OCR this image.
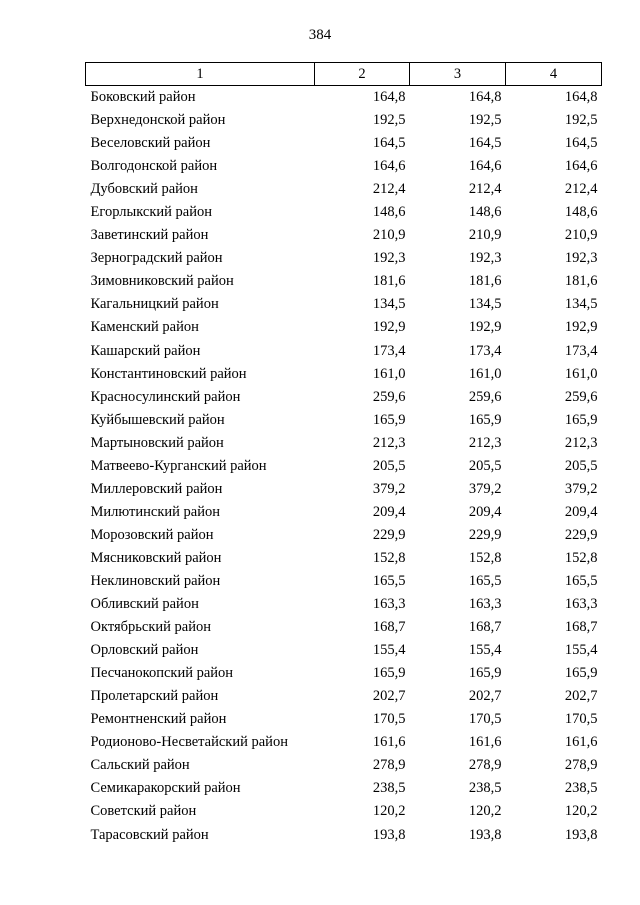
384
1	2	3	4
Боковский район	164,8	164,8	164,8
Верхнедонской район	192,5	192,5	192,5
Веселовский район	164,5	164,5	164,5
Волгодонской район	164,6	164,6	164,6
Дубовский район	212,4	212,4	212,4
Егорлыкский район	148,6	148,6	148,6
Заветинский район	210,9	210,9	210,9
Зерноградский район	192,3	192,3	192,3
Зимовниковский район	181,6	181,6	181,6
Кагальницкий район	134,5	134,5	134,5
Каменский район	192,9	192,9	192,9
Кашарский район	173,4	173,4	173,4
Константиновский район	161,0	161,0	161,0
Красносулинский район	259,6	259,6	259,6
Куйбышевский район	165,9	165,9	165,9
Мартыновский район	212,3	212,3	212,3
Матвеево-Курганский район	205,5	205,5	205,5
Миллеровский район	379,2	379,2	379,2
Милютинский район	209,4	209,4	209,4
Морозовский район	229,9	229,9	229,9
Мясниковский район	152,8	152,8	152,8
Неклиновский район	165,5	165,5	165,5
Обливский район	163,3	163,3	163,3
Октябрьский район	168,7	168,7	168,7
Орловский район	155,4	155,4	155,4
Песчанокопский район	165,9	165,9	165,9
Пролетарский район	202,7	202,7	202,7
Ремонтненский район	170,5	170,5	170,5
Родионово-Несветайский район	161,6	161,6	161,6
Сальский район	278,9	278,9	278,9
Семикаракорский район	238,5	238,5	238,5
Советский район	120,2	120,2	120,2
Тарасовский район	193,8	193,8	193,8
